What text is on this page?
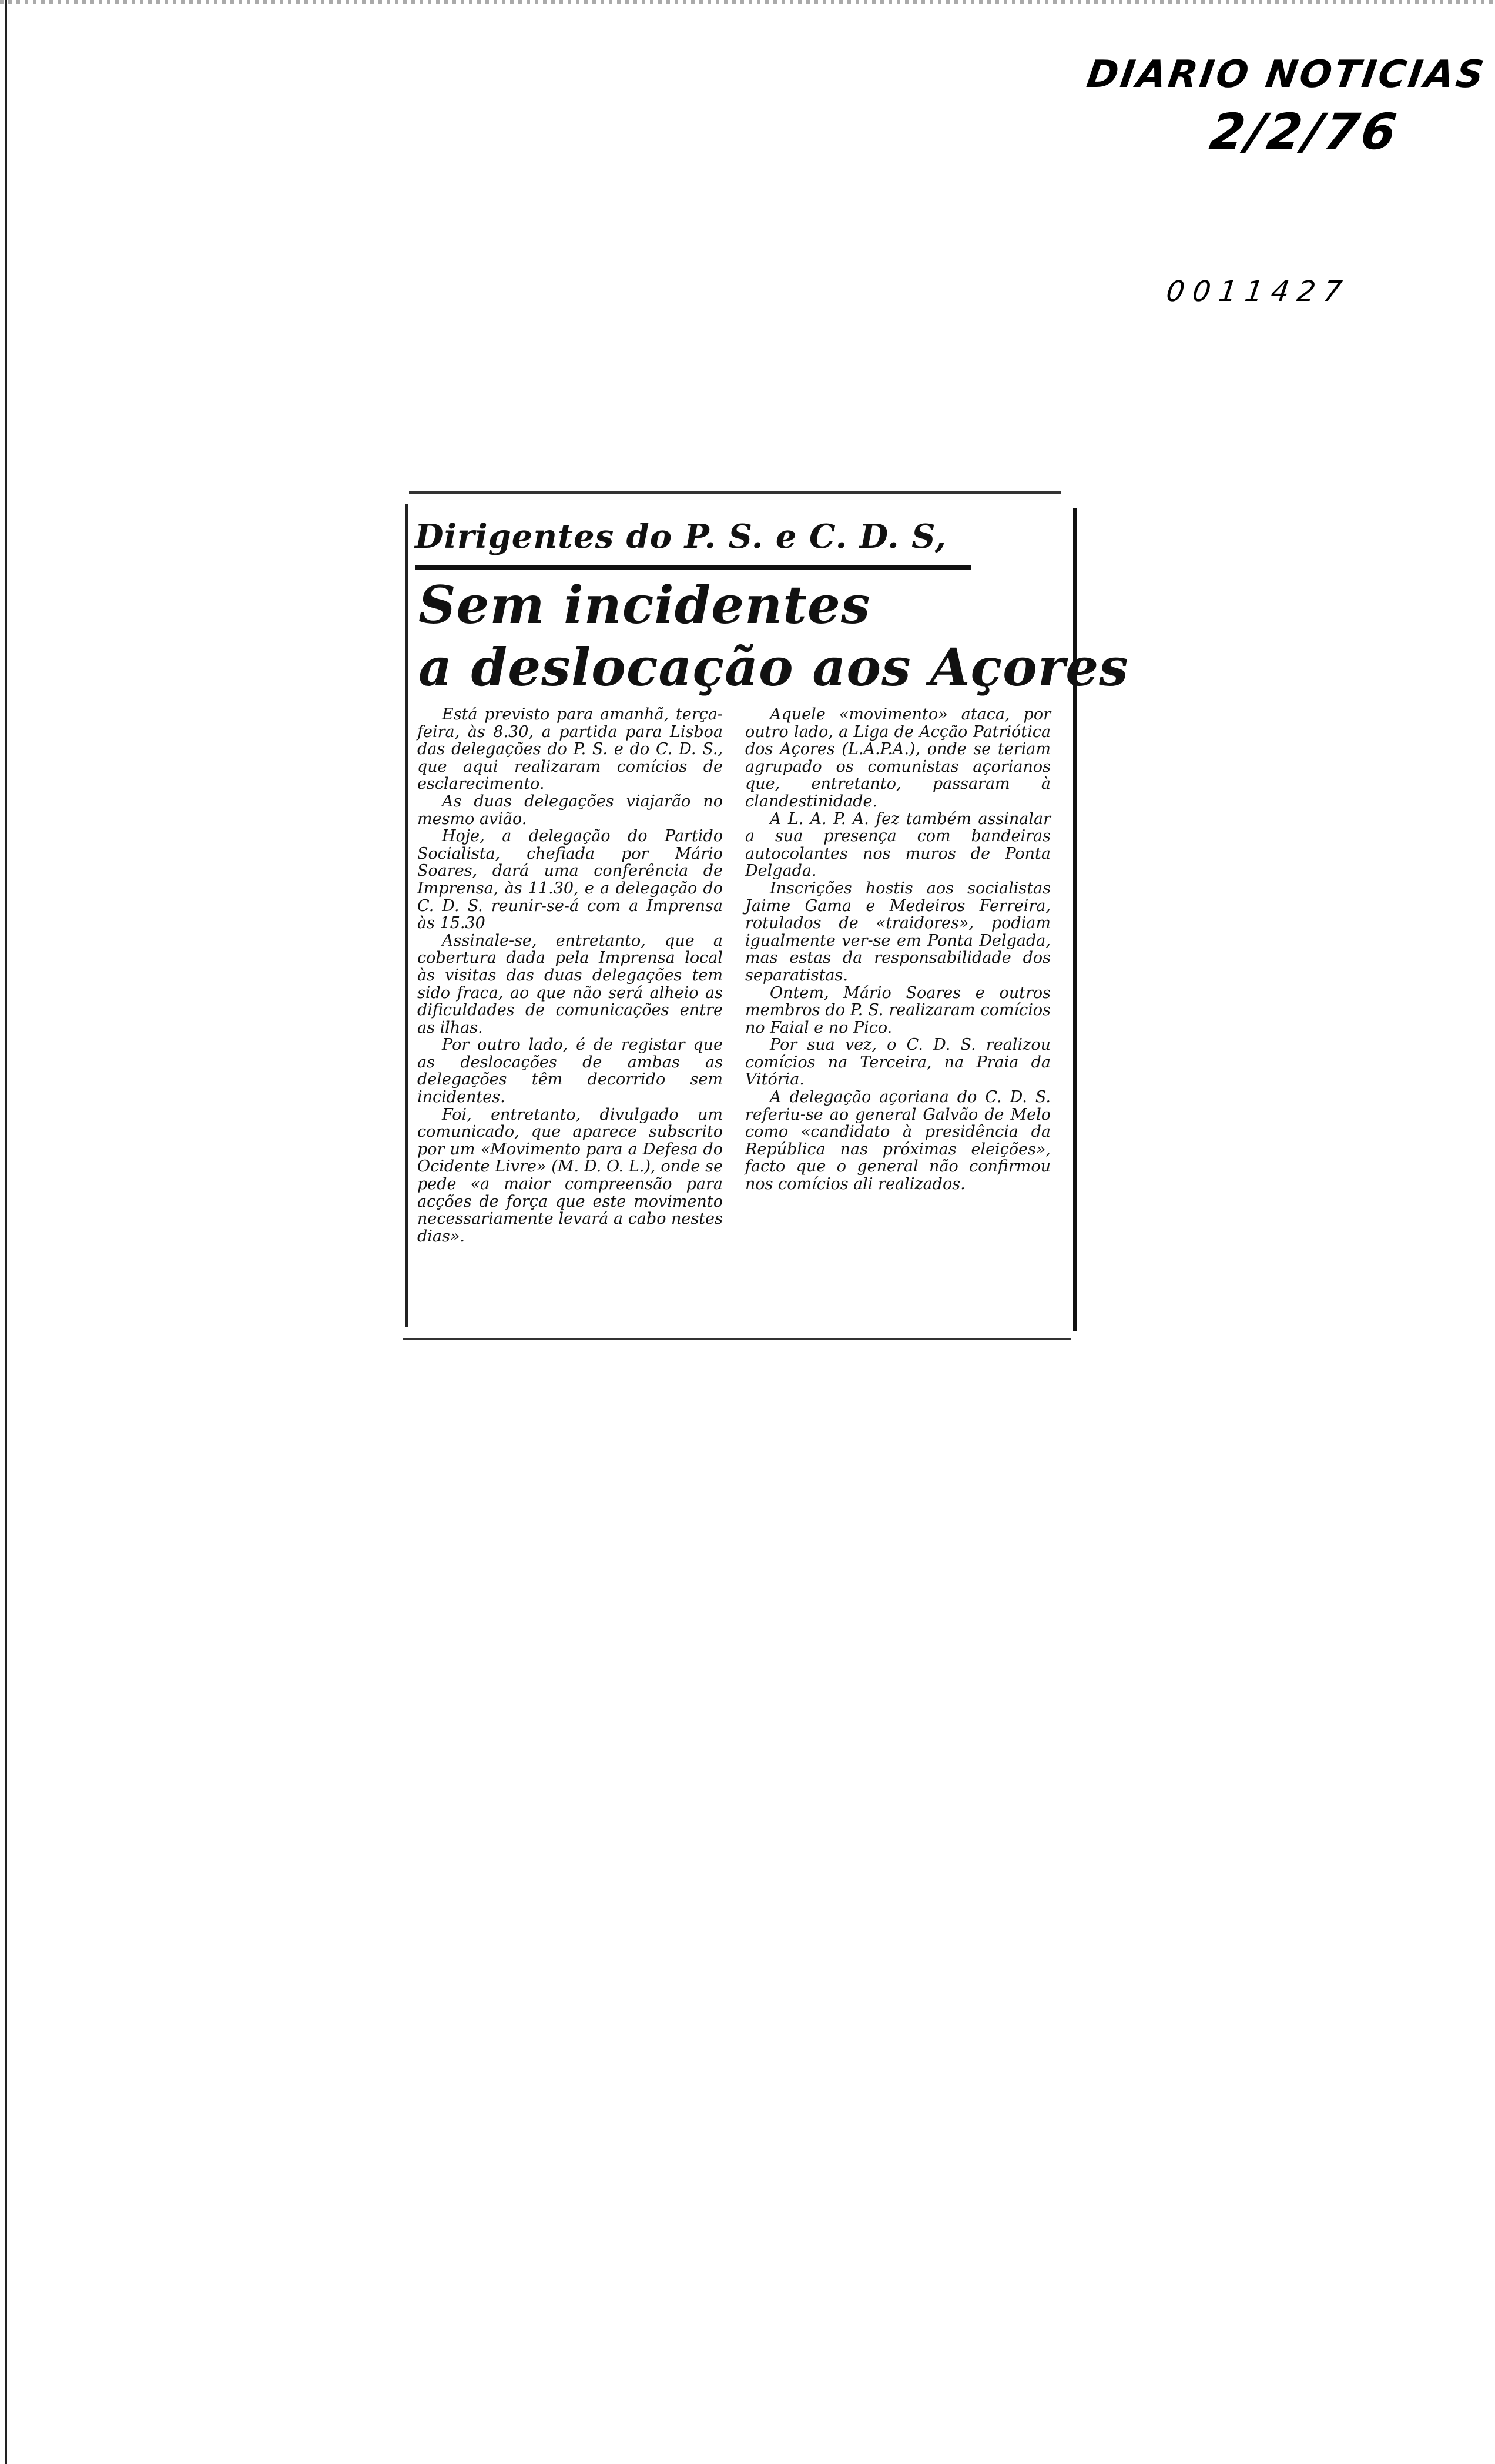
DIARIO NOTICIAS
2/2/76
0011427
Dirigentes do P. S. e C. D. S,
Sem incidentes
a deslocação aos Açores

Está previsto para amanhã, terça-feira, às 8.30, a partida para Lisboa das delegações do P. S. e do C. D. S., que aqui realizaram comícios de esclarecimento.

As duas delegações viajarão no mesmo avião.

Hoje, a delegação do Partido Socialista, chefiada por Mário Soares, dará uma conferência de Imprensa, às 11.30, e a delegação do C. D. S. reunir-se-á com a Imprensa às 15.30

Assinale-se, entretanto, que a cobertura dada pela Imprensa local às visitas das duas delegações tem sido fraca, ao que não será alheio as dificuldades de comunicações entre as ilhas.

Por outro lado, é de registar que as deslocações de ambas as delegações têm decorrido sem incidentes.

Foi, entretanto, divulgado um comunicado, que aparece subscrito por um «Movimento para a Defesa do Ocidente Livre» (M. D. O. L.), onde se pede «a maior compreensão para acções de força que este movimento necessariamente levará a cabo nestes dias».

Aquele «movimento» ataca, por outro lado, a Liga de Acção Patriótica dos Açores (L.A.P.A.), onde se teriam agrupado os comunistas açorianos que, entretanto, passaram à clandestinidade.

A L. A. P. A. fez também assinalar a sua presença com bandeiras autocolantes nos muros de Ponta Delgada.

Inscrições hostis aos socialistas Jaime Gama e Medeiros Ferreira, rotulados de «traidores», podiam igualmente ver-se em Ponta Delgada, mas estas da responsabilidade dos separatistas.

Ontem, Mário Soares e outros membros do P. S. realizaram comícios no Faial e no Pico.

Por sua vez, o C. D. S. realizou comícios na Terceira, na Praia da Vitória.

A delegação açoriana do C. D. S. referiu-se ao general Galvão de Melo como «candidato à presidência da República nas próximas eleições», facto que o general não confirmou nos comícios ali realizados.
